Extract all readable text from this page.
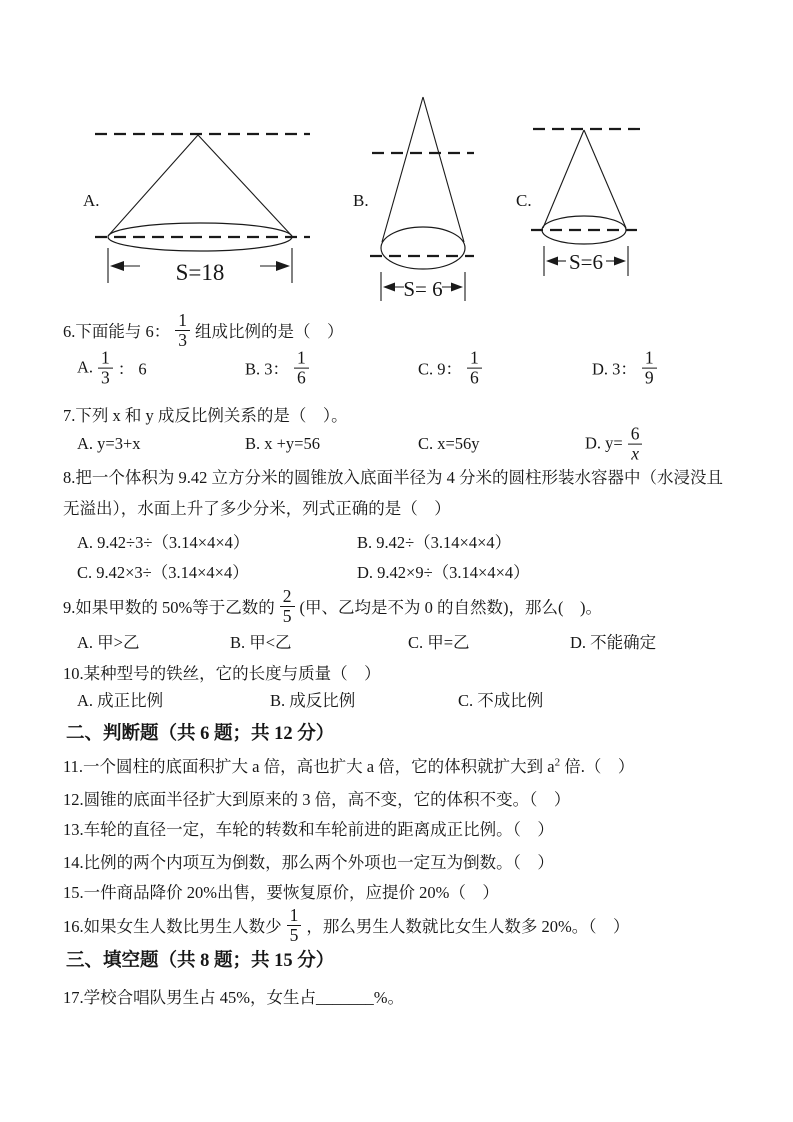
A.
S=18
B.
S= 6
C.
S=6
6.下面能与 6： $\frac{1}{3}$ 组成比例的是（　）
A. $\frac{1}{3}$ ： 6	B. 3： $\frac{1}{6}$	C. 9： $\frac{1}{6}$	D. 3： $\frac{1}{9}$
7.下列 x 和 y 成反比例关系的是（　）。
A. y=3+x	B. x +y=56	C. x=56y	D. $y= \frac{6}{x}$
8.把一个体积为 9.42 立方分米的圆锥放入底面半径为 4 分米的圆柱形装水容器中（水浸没且无溢出），水面上升了多少分米，列式正确的是（　）
A. 9.42÷3÷（3.14×4×4）	B. 9.42÷（3.14×4×4）
C. 9.42×3÷（3.14×4×4）	D. 9.42×9÷（3.14×4×4）
9.如果甲数的 50%等于乙数的 $\frac{2}{5}$ (甲、乙均是不为 0 的自然数)，那么(　)。
A. 甲>乙	B. 甲<乙	C. 甲=乙	D. 不能确定
10.某种型号的铁丝，它的长度与质量（　）
A. 成正比例	B. 成反比例	C. 不成比例
二、判断题（共 6 题；共 12 分）
11.一个圆柱的底面积扩大 a 倍，高也扩大 a 倍，它的体积就扩大到 $a^2$ 倍.（　）
12.圆锥的底面半径扩大到原来的 3 倍，高不变，它的体积不变。（　）
13.车轮的直径一定，车轮的转数和车轮前进的距离成正比例。（　）
14.比例的两个内项互为倒数，那么两个外项也一定互为倒数。（　）
15.一件商品降价 20%出售，要恢复原价，应提价 20%（　）
16.如果女生人数比男生人数少 $\frac{1}{5}$ ，那么男生人数就比女生人数多 20%。（　）
三、填空题（共 8 题；共 15 分）
17.学校合唱队男生占 45%，女生占_______%。
